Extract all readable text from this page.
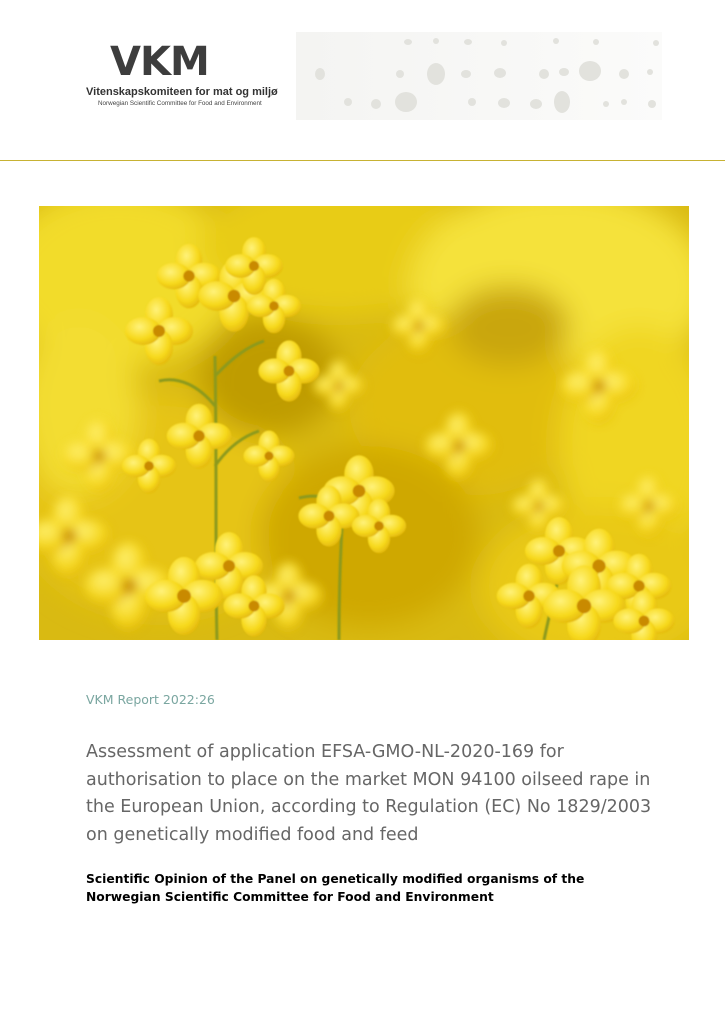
VKM
Vitenskapskomiteen for mat og miljø
Norwegian Scientific Committee for Food and Environment
VKM Report 2022:26
Assessment of application EFSA-GMO-NL-2020-169 for authorisation to place on the market MON 94100 oilseed rape in the European Union, according to Regulation (EC) No 1829/2003 on genetically modified food and feed
Scientific Opinion of the Panel on genetically modified organisms of the Norwegian Scientific Committee for Food and Environment
